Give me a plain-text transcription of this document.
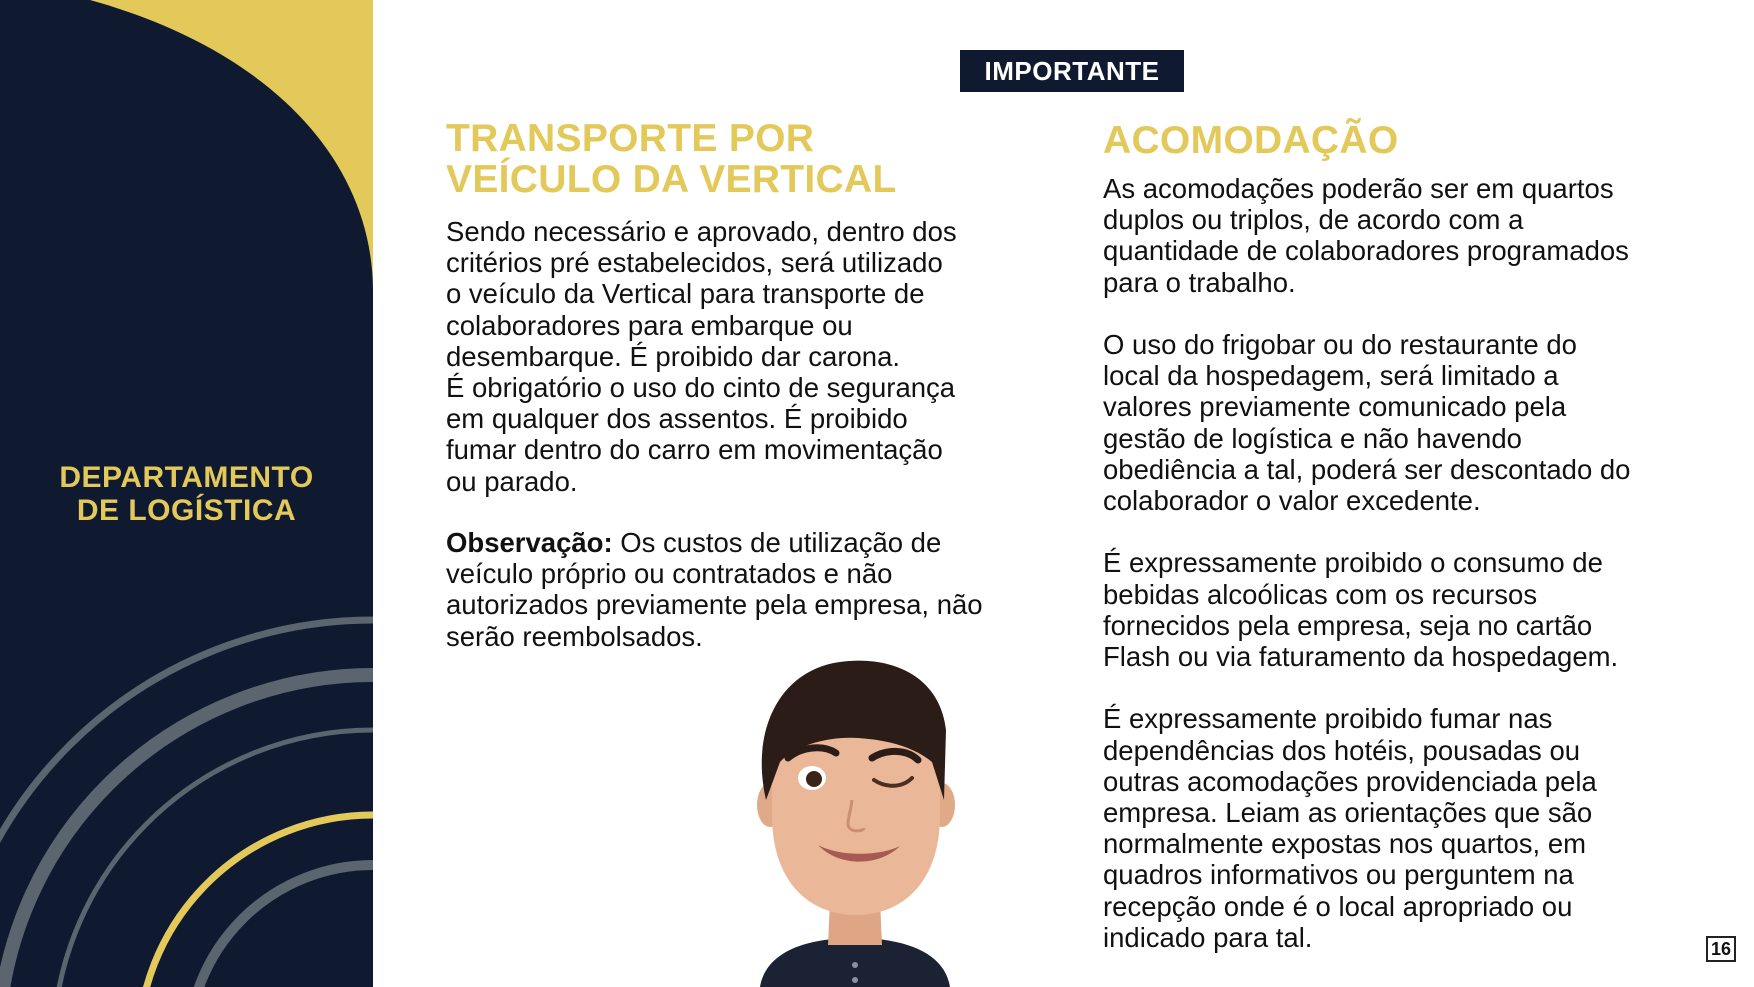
DEPARTAMENTO
DE LOGÍSTICA
IMPORTANTE
TRANSPORTE POR
VEÍCULO DA VERTICAL
Sendo necessário e aprovado, dentro dos
critérios pré estabelecidos, será utilizado
o veículo da Vertical para transporte de
colaboradores para embarque ou
desembarque. É proibido dar carona.
É obrigatório o uso do cinto de segurança
em qualquer dos assentos. É proibido
fumar dentro do carro em movimentação
ou parado.
Observação: Os custos de utilização de
veículo próprio ou contratados e não
autorizados previamente pela empresa, não
serão reembolsados.
ACOMODAÇÃO
As acomodações poderão ser em quartos
duplos ou triplos, de acordo com a
quantidade de colaboradores programados
para o trabalho.
O uso do frigobar ou do restaurante do
local da hospedagem, será limitado a
valores previamente comunicado pela
gestão de logística e não havendo
obediência a tal, poderá ser descontado do
colaborador o valor excedente.
É expressamente proibido o consumo de
bebidas alcoólicas com os recursos
fornecidos pela empresa, seja no cartão
Flash ou via faturamento da hospedagem.
É expressamente proibido fumar nas
dependências dos hotéis, pousadas ou
outras acomodações providenciada pela
empresa. Leiam as orientações que são
normalmente expostas nos quartos, em
quadros informativos ou perguntem na
recepção onde é o local apropriado ou
indicado para tal.	16
